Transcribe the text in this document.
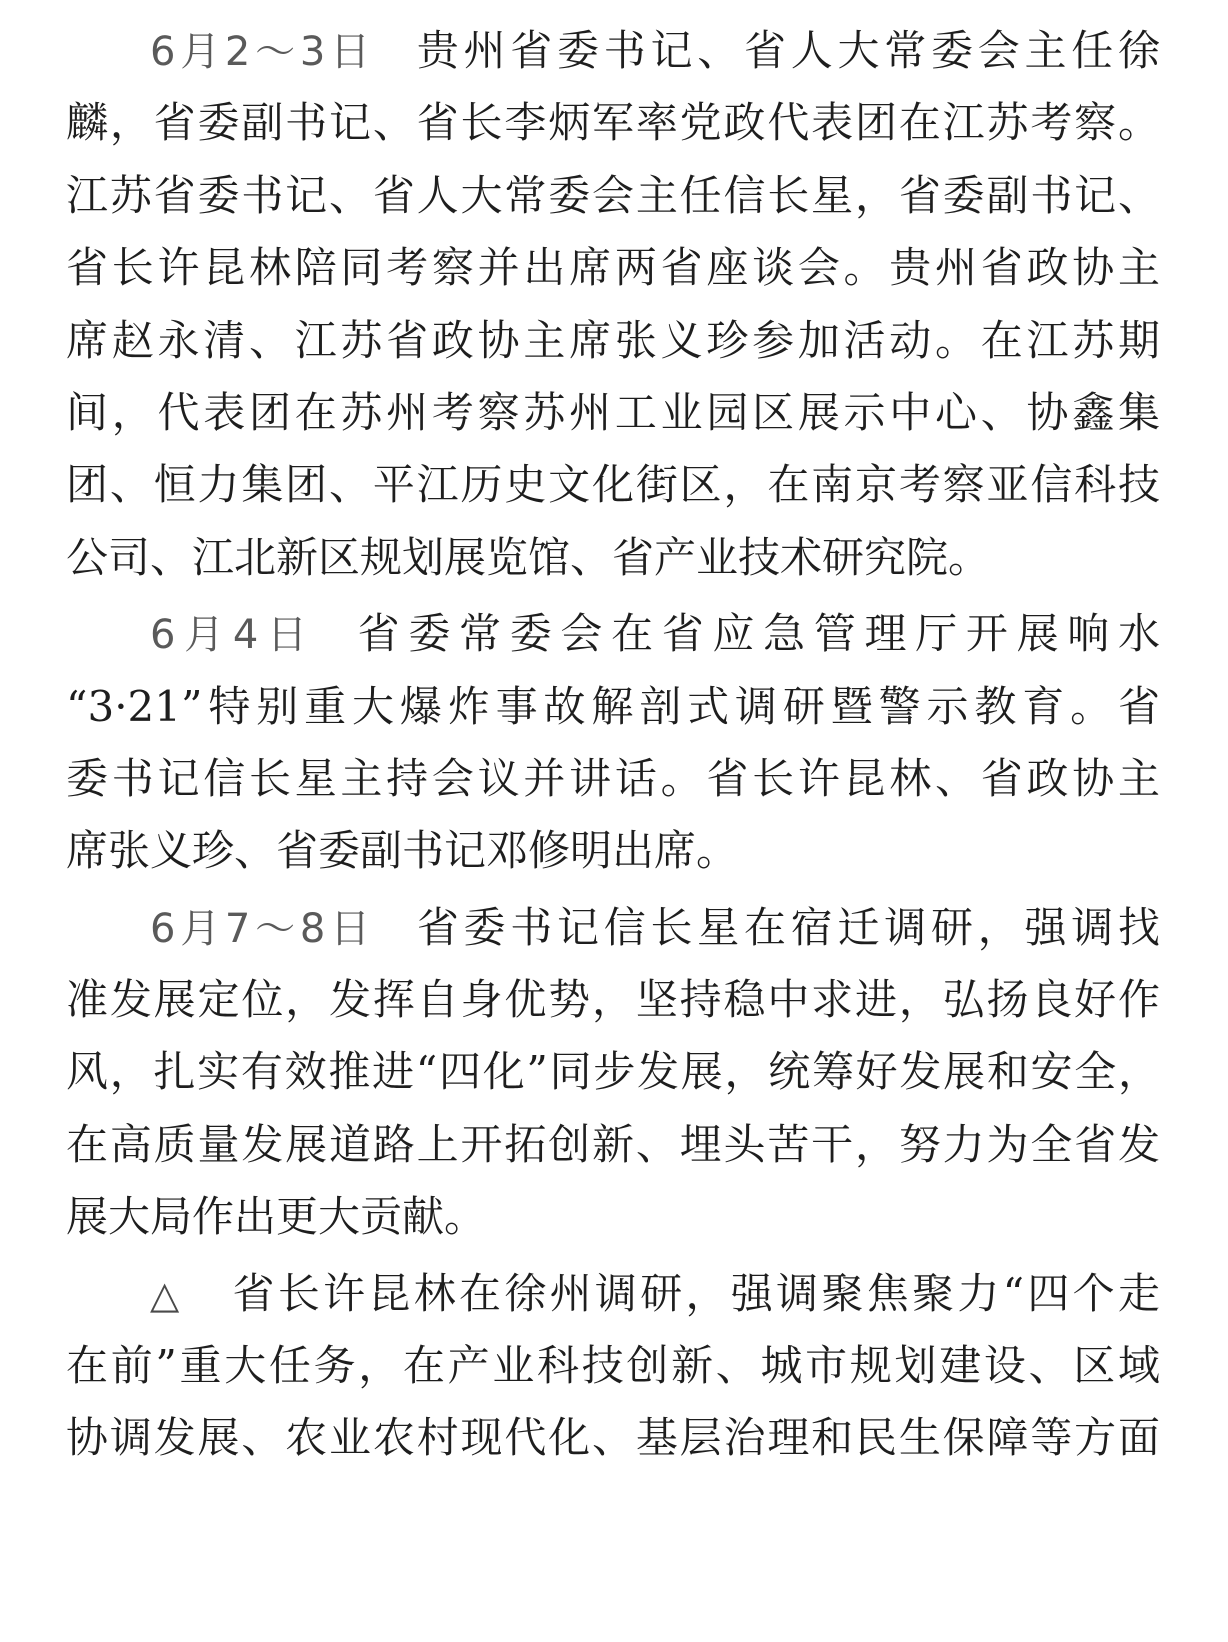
6月2～3日 贵州省委书记、省人大常委会主任徐
麟，省委副书记、省长李炳军率党政代表团在江苏考察。
江苏省委书记、省人大常委会主任信长星，省委副书记、
省长许昆林陪同考察并出席两省座谈会。贵州省政协主
席赵永清、江苏省政协主席张义珍参加活动。在江苏期
间，代表团在苏州考察苏州工业园区展示中心、协鑫集
团、恒力集团、平江历史文化街区，在南京考察亚信科技
公司、江北新区规划展览馆、省产业技术研究院。
6月4日 省委常委会在省应急管理厅开展响水
“3·21”特别重大爆炸事故解剖式调研暨警示教育。省
委书记信长星主持会议并讲话。省长许昆林、省政协主
席张义珍、省委副书记邓修明出席。
6月7～8日 省委书记信长星在宿迁调研，强调找
准发展定位，发挥自身优势，坚持稳中求进，弘扬良好作
风，扎实有效推进“四化”同步发展，统筹好发展和安全，
在高质量发展道路上开拓创新、埋头苦干，努力为全省发
展大局作出更大贡献。
△ 省长许昆林在徐州调研，强调聚焦聚力“四个走
在前”重大任务，在产业科技创新、城市规划建设、区域
协调发展、农业农村现代化、基层治理和民生保障等方面
